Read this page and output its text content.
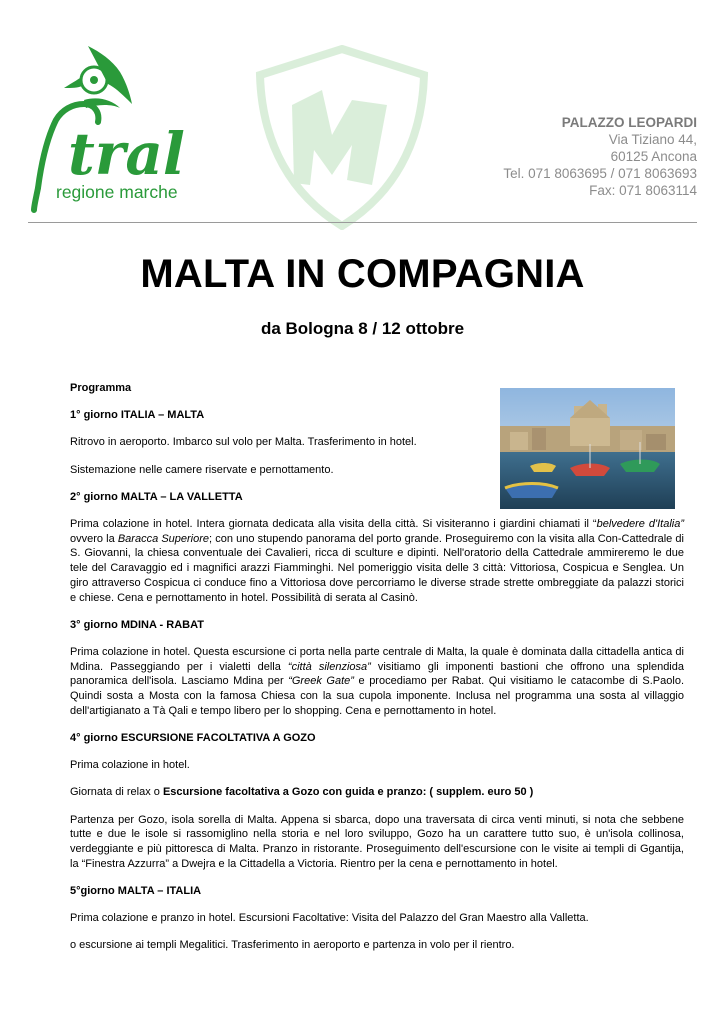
tral
regione marche
PALAZZO LEOPARDI
Via Tiziano 44,
60125 Ancona
Tel. 071 8063695 / 071 8063693
Fax: 071 8063114
MALTA IN COMPAGNIA
da Bologna 8 / 12 ottobre

Programma

1° giorno ITALIA – MALTA

Ritrovo in aeroporto. Imbarco sul volo per Malta. Trasferimento in hotel.

Sistemazione nelle camere riservate e pernottamento.

2° giorno MALTA – LA VALLETTA

Prima colazione in hotel. Intera giornata dedicata alla visita della città. Si visiteranno i giardini chiamati il “belvedere d'Italia” ovvero la Baracca Superiore; con uno stupendo panorama del porto grande. Proseguiremo con la visita alla Con-Cattedrale di S. Giovanni, la chiesa conventuale dei Cavalieri, ricca di sculture e dipinti. Nell'oratorio della Cattedrale ammireremo le due tele del Caravaggio ed i magnifici arazzi Fiamminghi. Nel pomeriggio visita delle 3 città: Vittoriosa, Cospicua e Senglea. Un giro attraverso Cospicua ci conduce fino a Vittoriosa dove percorriamo le diverse strade strette ombreggiate da palazzi storici e chiese. Cena e pernottamento in hotel. Possibilità di serata al Casinò.

3° giorno MDINA - RABAT

Prima colazione in hotel. Questa escursione ci porta nella parte centrale di Malta, la quale è dominata dalla cittadella antica di Mdina. Passeggiando per i vialetti della “città silenziosa” visitiamo gli imponenti bastioni che offrono una splendida panoramica dell'isola. Lasciamo Mdina per “Greek Gate” e procediamo per Rabat. Qui visitiamo le catacombe di S.Paolo. Quindi sosta a Mosta con la famosa Chiesa con la sua cupola imponente. Inclusa nel programma una sosta al villaggio dell'artigianato a Tà Qali e tempo libero per lo shopping. Cena e pernottamento in hotel.

4° giorno ESCURSIONE FACOLTATIVA A GOZO

Prima colazione in hotel.

Giornata di relax o Escursione facoltativa a Gozo con guida e pranzo: ( supplem. euro 50 )

Partenza per Gozo, isola sorella di Malta. Appena si sbarca, dopo una traversata di circa venti minuti, si nota che sebbene tutte e due le isole si rassomiglino nella storia e nel loro sviluppo, Gozo ha un carattere tutto suo, è un'isola collinosa, verdeggiante e più pittoresca di Malta. Pranzo in ristorante. Proseguimento dell'escursione con le visite ai templi di Ggantija, la “Finestra Azzurra” a Dwejra e la Cittadella a Victoria. Rientro per la cena e pernottamento in hotel.

5°giorno MALTA – ITALIA

Prima colazione e pranzo in hotel. Escursioni Facoltative: Visita del Palazzo del Gran Maestro alla Valletta.

o escursione ai templi Megalitici. Trasferimento in aeroporto e partenza in volo per il rientro.
